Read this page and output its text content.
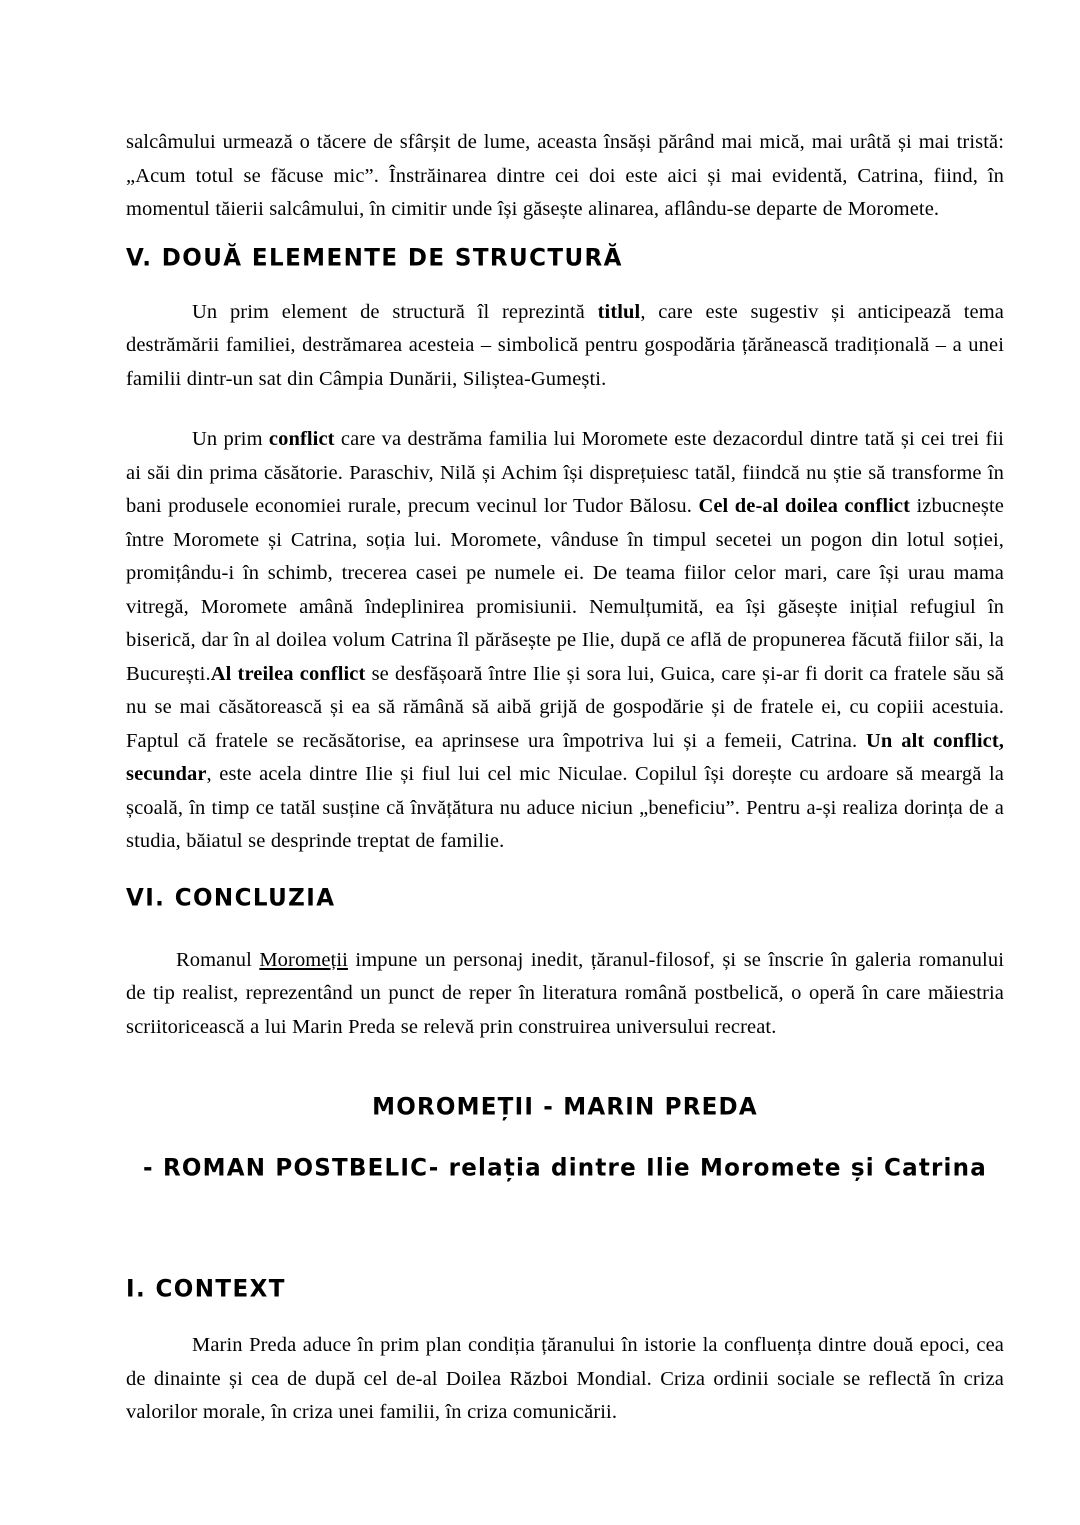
salcâmului urmează o tăcere de sfârșit de lume, aceasta însăși părând mai mică, mai urâtă și mai tristă: „Acum totul se făcuse mic”. Înstrăinarea dintre cei doi este aici și mai evidentă, Catrina, fiind, în momentul tăierii salcâmului, în cimitir unde își găsește alinarea, aflându-se departe de Moromete.

V. DOUĂ ELEMENTE DE STRUCTURĂ

Un prim element de structură îl reprezintă titlul, care este sugestiv și anticipează tema destrămării familiei, destrămarea acesteia – simbolică pentru gospodăria țărănească tradițională – a unei familii dintr-un sat din Câmpia Dunării, Siliștea-Gumești.

Un prim conflict care va destrăma familia lui Moromete este dezacordul dintre tată și cei trei fii ai săi din prima căsătorie. Paraschiv, Nilă și Achim își disprețuiesc tatăl, fiindcă nu știe să transforme în bani produsele economiei rurale, precum vecinul lor Tudor Bălosu. Cel de-al doilea conflict izbucnește între Moromete și Catrina, soția lui. Moromete, vânduse în timpul secetei un pogon din lotul soției, promițându-i în schimb, trecerea casei pe numele ei. De teama fiilor celor mari, care își urau mama vitregă, Moromete amână îndeplinirea promisiunii. Nemulțumită, ea își găsește inițial refugiul în biserică, dar în al doilea volum Catrina îl părăsește pe Ilie, după ce află de propunerea făcută fiilor săi, la București.Al treilea conflict se desfășoară între Ilie și sora lui, Guica, care și-ar fi dorit ca fratele său să nu se mai căsătorească și ea să rămână să aibă grijă de gospodărie și de fratele ei, cu copiii acestuia. Faptul că fratele se recăsătorise, ea aprinsese ura împotriva lui și a femeii, Catrina. Un alt conflict, secundar, este acela dintre Ilie și fiul lui cel mic Niculae. Copilul își dorește cu ardoare să meargă la școală, în timp ce tatăl susține că învățătura nu aduce niciun „beneficiu”. Pentru a-și realiza dorința de a studia, băiatul se desprinde treptat de familie.

VI. CONCLUZIA

Romanul Moromeții impune un personaj inedit, țăranul-filosof, și se înscrie în galeria romanului de tip realist, reprezentând un punct de reper în literatura română postbelică, o operă în care măiestria scriitoricească a lui Marin Preda se relevă prin construirea universului recreat.

MOROMEȚII - MARIN PREDA
- ROMAN POSTBELIC- relația dintre Ilie Moromete și Catrina
I. CONTEXT

Marin Preda aduce în prim plan condiția țăranului în istorie la confluența dintre două epoci, cea de dinainte și cea de după cel de-al Doilea Război Mondial. Criza ordinii sociale se reflectă în criza valorilor morale, în criza unei familii, în criza comunicării.
